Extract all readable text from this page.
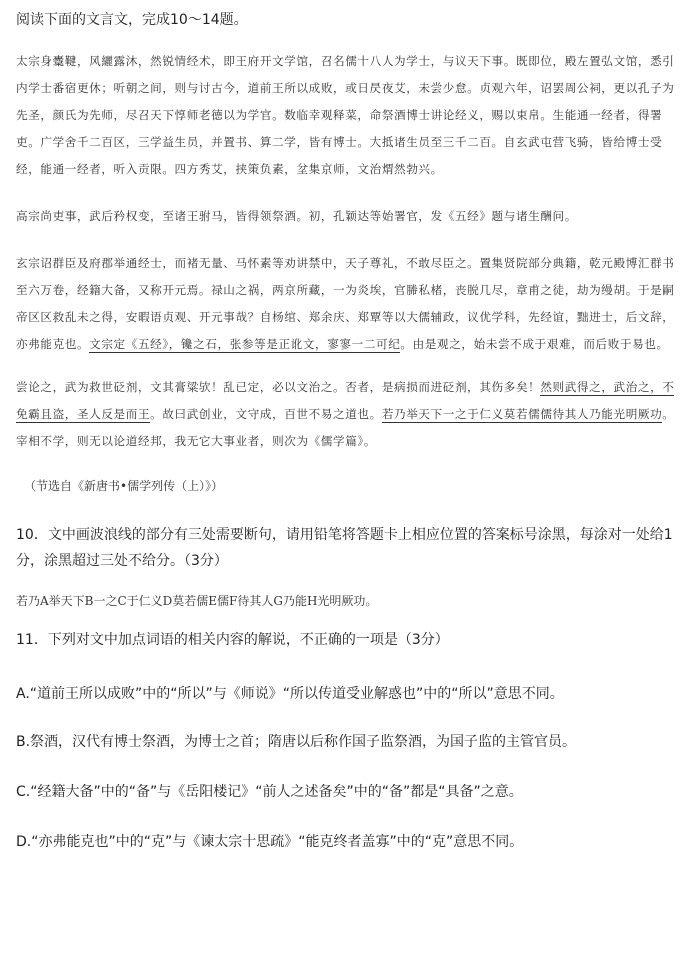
阅读下面的文言文，完成10～14题。

太宗身櫜鞬，风纚露沐，然锐情经术，即王府开文学馆，召名儒十八人为学士，与议天下事。既即位，殿左置弘文馆，悉引内学士番宿更休；听朝之间，则与讨古今，道前王所以成败，或日昃夜艾，未尝少怠。贞观六年，诏罢周公祠，更以孔子为先圣，颜氏为先师，尽召天下惇师老德以为学官。数临幸观释菜，命祭酒博士讲论经义，赐以束帛。生能通一经者，得署吏。广学舍千二百区，三学益生员，并置书、算二学，皆有博士。大抵诸生员至三千二百。自玄武屯营飞骑，皆给博士受经，能通一经者，听入贡限。四方秀艾，挟策负素，坌集京师，文治煟然勃兴。

高宗尚吏事，武后矜权变，至诸王驸马，皆得领祭酒。初，孔颖达等始署官，发《五经》题与诸生酬问。

玄宗诏群臣及府郡举通经士，而褚无量、马怀素等劝讲禁中，天子尊礼，不敢尽臣之。置集贤院部分典籍，乾元殿博汇群书至六万卷，经籍大备，又称开元焉。禄山之祸，两京所藏，一为炎埃，官幐私楮，丧脱几尽，章甫之徒，劫为缦胡。于是嗣帝区区救乱未之得，安暇语贞观、开元事哉？自杨绾、郑余庆、郑覃等以大儒辅政，议优学科，先经谊，黜进士，后文辞，亦弗能克也。文宗定《五经》，镵之石，张参等是正讹文，寥寥一二可纪。由是观之，始未尝不成于艰难，而后败于易也。

尝论之，武为救世砭剂，文其膏粱欤！乱已定，必以文治之。否者，是病损而进砭剂，其伤多矣！然则武得之，武治之，不免霸且盗，圣人反是而王。故曰武创业，文守成，百世不易之道也。若乃举天下一之于仁义莫若儒儒待其人乃能光明厥功。宰相不学，则无以论道经邦，我无它大事业者，则次为《儒学篇》。

（节选自《新唐书•儒学列传（上）》）

10．文中画波浪线的部分有三处需要断句，请用铅笔将答题卡上相应位置的答案标号涂黑，每涂对一处给1分，涂黑超过三处不给分。（3分）

若乃A举天下B一之C于仁义D莫若儒E儒F待其人G乃能H光明厥功。

11．下列对文中加点词语的相关内容的解说，不正确的一项是（3分）

A.“道前王所以成败”中的“所以”与《师说》“所以传道受业解惑也”中的“所以”意思不同。

B.祭酒，汉代有博士祭酒，为博士之首；隋唐以后称作国子监祭酒，为国子监的主管官员。

C.“经籍大备”中的“备”与《岳阳楼记》“前人之述备矣”中的“备”都是“具备”之意。

D.“亦弗能克也”中的“克”与《谏太宗十思疏》“能克终者盖寡”中的“克”意思不同。
